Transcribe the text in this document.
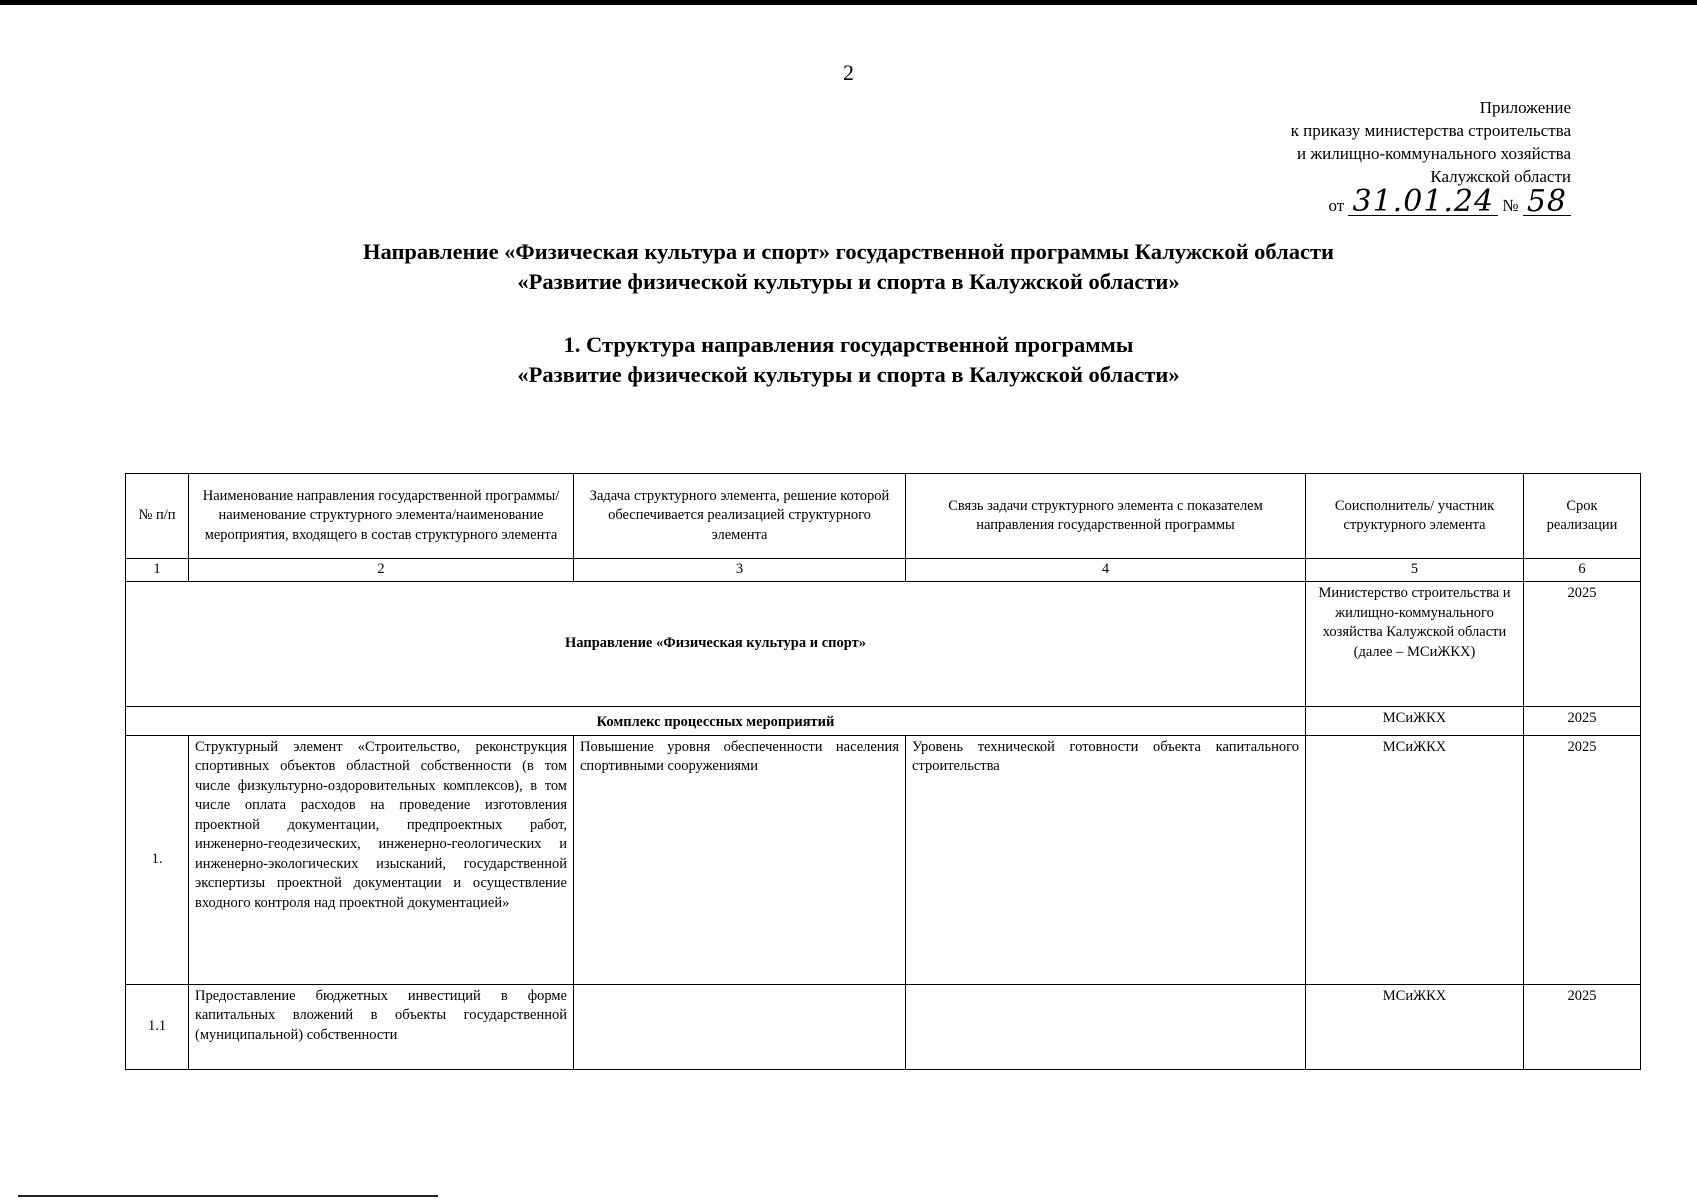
2
Приложение
к приказу министерства строительства
и жилищно-коммунального хозяйства
Калужской области
от 31.01.24 № 58
Направление «Физическая культура и спорт» государственной программы Калужской области
«Развитие физической культуры и спорта в Калужской области»
1. Структура направления государственной программы
«Развитие физической культуры и спорта в Калужской области»
№ п/п	Наименование направления государственной программы/ наименование структурного элемента/наименование мероприятия, входящего в состав структурного элемента	Задача структурного элемента, решение которой обеспечивается реализацией структурного элемента	Связь задачи структурного элемента с показателем направления государственной программы	Соисполнитель/ участник структурного элемента	Срок реализации
1	2	3	4	5	6
Направление «Физическая культура и спорт»				Министерство строительства и жилищно-коммунального хозяйства Калужской области (далее – МСиЖКХ)	2025
Комплекс процессных мероприятий				МСиЖКХ	2025
1.	Структурный элемент «Строительство, реконструкция спортивных объектов областной собственности (в том числе физкультурно-оздоровительных комплексов), в том числе оплата расходов на проведение изготовления проектной документации, предпроектных работ, инженерно-геодезических, инженерно-геологических и инженерно-экологических изысканий, государственной экспертизы проектной документации и осуществление входного контроля над проектной документацией»	Повышение уровня обеспеченности населения спортивными сооружениями	Уровень технической готовности объекта капитального строительства	МСиЖКХ	2025
1.1	Предоставление бюджетных инвестиций в форме капитальных вложений в объекты государственной (муниципальной) собственности			МСиЖКХ	2025
